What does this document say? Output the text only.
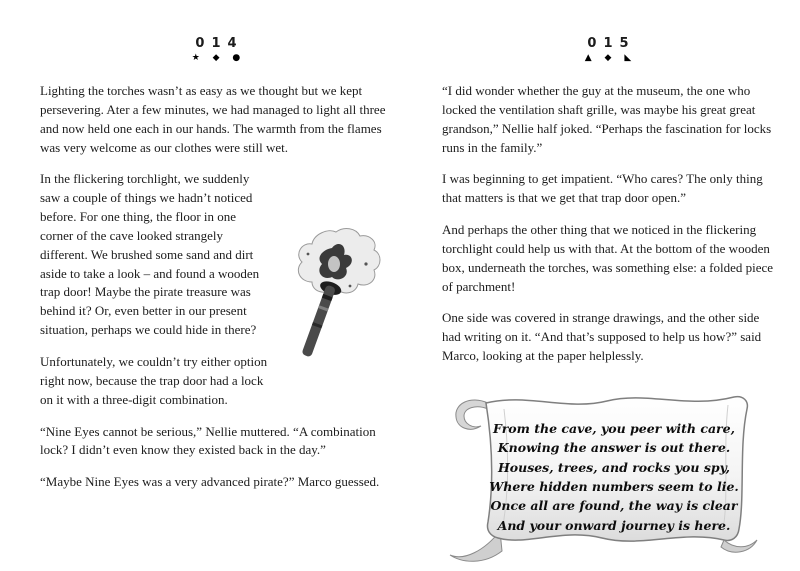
014
★ ◆ ●
015
▲ ◆ ◣

Lighting the torches wasn’t as easy as we thought but we kept persevering. Ater a few minutes, we had managed to light all three and now held one each in our hands. The warmth from the flames was very welcome as our clothes were still wet.

In the flickering torchlight, we suddenly saw a couple of things we hadn’t noticed before. For one thing, the floor in one corner of the cave looked strangely different. We brushed some sand and dirt aside to take a look – and found a wooden trap door! Maybe the pirate treasure was behind it? Or, even better in our present situation, perhaps we could hide in there?

Unfortunately, we couldn’t try either option right now, because the trap door had a lock on it with a three-digit combination.

“Nine Eyes cannot be serious,” Nellie muttered. “A combination lock? I didn’t even know they existed back in the day.”

“Maybe Nine Eyes was a very advanced pirate?” Marco guessed.

“I did wonder whether the guy at the museum, the one who locked the ventilation shaft grille, was maybe his great great grandson,” Nellie half joked. “Perhaps the fascination for locks runs in the family.”

I was beginning to get impatient. “Who cares? The only thing that matters is that we get that trap door open.”

And perhaps the other thing that we noticed in the flickering torchlight could help us with that. At the bottom of the wooden box, underneath the torches, was something else: a folded piece of parchment!

One side was covered in strange drawings, and the other side had writing on it. “And that’s supposed to help us how?” said Marco, looking at the paper helplessly.

From the cave, you peer with care,
Knowing the answer is out there.
Houses, trees, and rocks you spy,
Where hidden numbers seem to lie.
Once all are found, the way is clear
And your onward journey is here.
